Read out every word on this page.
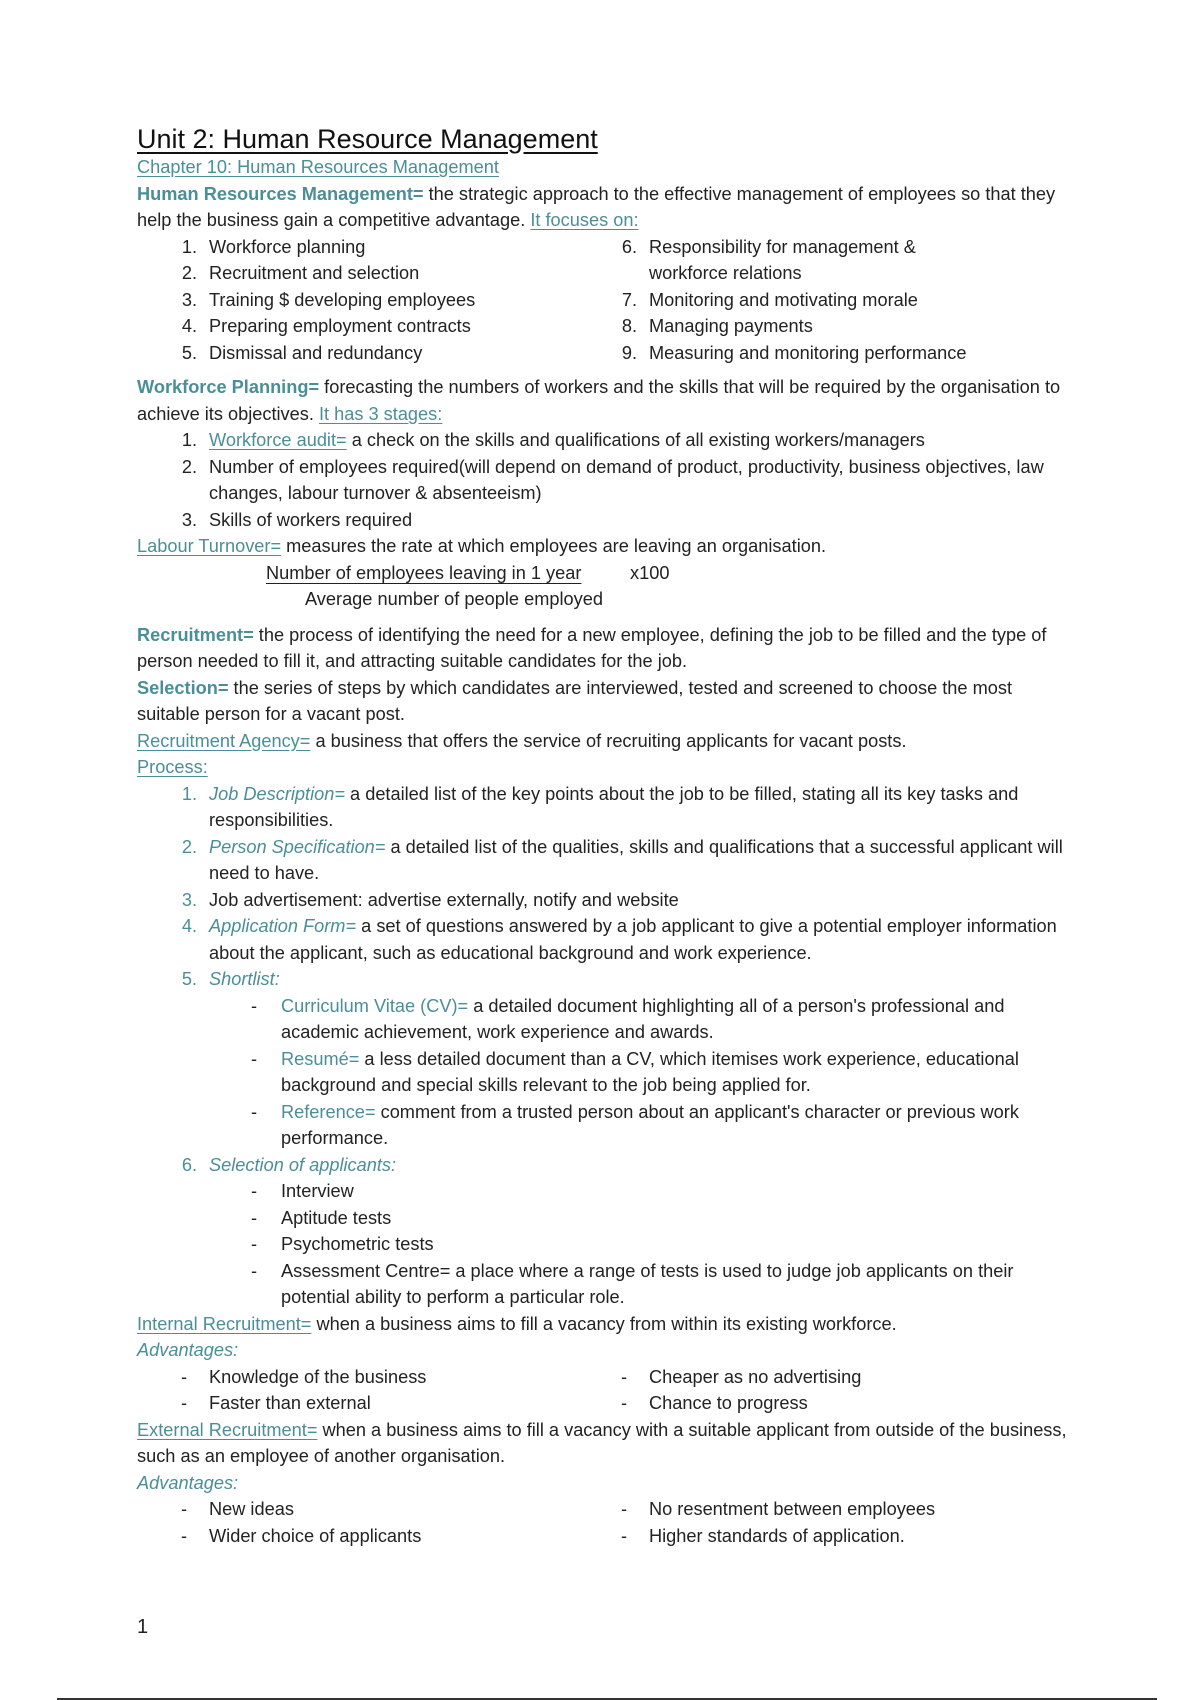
Unit 2: Human Resource Management

Chapter 10: Human Resources Management

Human Resources Management= the strategic approach to the effective management of employees so that they help the business gain a competitive advantage. It focuses on:

1. Workforce planning
2. Recruitment and selection
3. Training $ developing employees
4. Preparing employment contracts
5. Dismissal and redundancy
6. Responsibility for management & workforce relations
7. Monitoring and motivating morale
8. Managing payments
9. Measuring and monitoring performance

Workforce Planning= forecasting the numbers of workers and the skills that will be required by the organisation to achieve its objectives. It has 3 stages:

1. Workforce audit= a check on the skills and qualifications of all existing workers/managers
2. Number of employees required(will depend on demand of product, productivity, business objectives, law changes, labour turnover & absenteeism)
3. Skills of workers required

Labour Turnover= measures the rate at which employees are leaving an organisation.

Number of employees leaving in 1 year	x100
Average number of people employed

Recruitment= the process of identifying the need for a new employee, defining the job to be filled and the type of person needed to fill it, and attracting suitable candidates for the job.

Selection= the series of steps by which candidates are interviewed, tested and screened to choose the most suitable person for a vacant post.

Recruitment Agency= a business that offers the service of recruiting applicants for vacant posts.

Process:

1. Job Description= a detailed list of the key points about the job to be filled, stating all its key tasks and responsibilities.
2. Person Specification= a detailed list of the qualities, skills and qualifications that a successful applicant will need to have.
3. Job advertisement: advertise externally, notify and website
4. Application Form= a set of questions answered by a job applicant to give a potential employer information about the applicant, such as educational background and work experience.
5. Shortlist:
-	Curriculum Vitae (CV)= a detailed document highlighting all of a person's professional and academic achievement, work experience and awards.
-	Resumé= a less detailed document than a CV, which itemises work experience, educational background and special skills relevant to the job being applied for.
-	Reference= comment from a trusted person about an applicant's character or previous work performance.
6. Selection of applicants:
-	Interview
-	Aptitude tests
-	Psychometric tests
-	Assessment Centre= a place where a range of tests is used to judge job applicants on their potential ability to perform a particular role.

Internal Recruitment= when a business aims to fill a vacancy from within its existing workforce.

Advantages:

-	Knowledge of the business
-	Faster than external
-	Cheaper as no advertising
-	Chance to progress

External Recruitment= when a business aims to fill a vacancy with a suitable applicant from outside of the business, such as an employee of another organisation.

Advantages:

-	New ideas
-	Wider choice of applicants
-	No resentment between employees
-	Higher standards of application.
1
